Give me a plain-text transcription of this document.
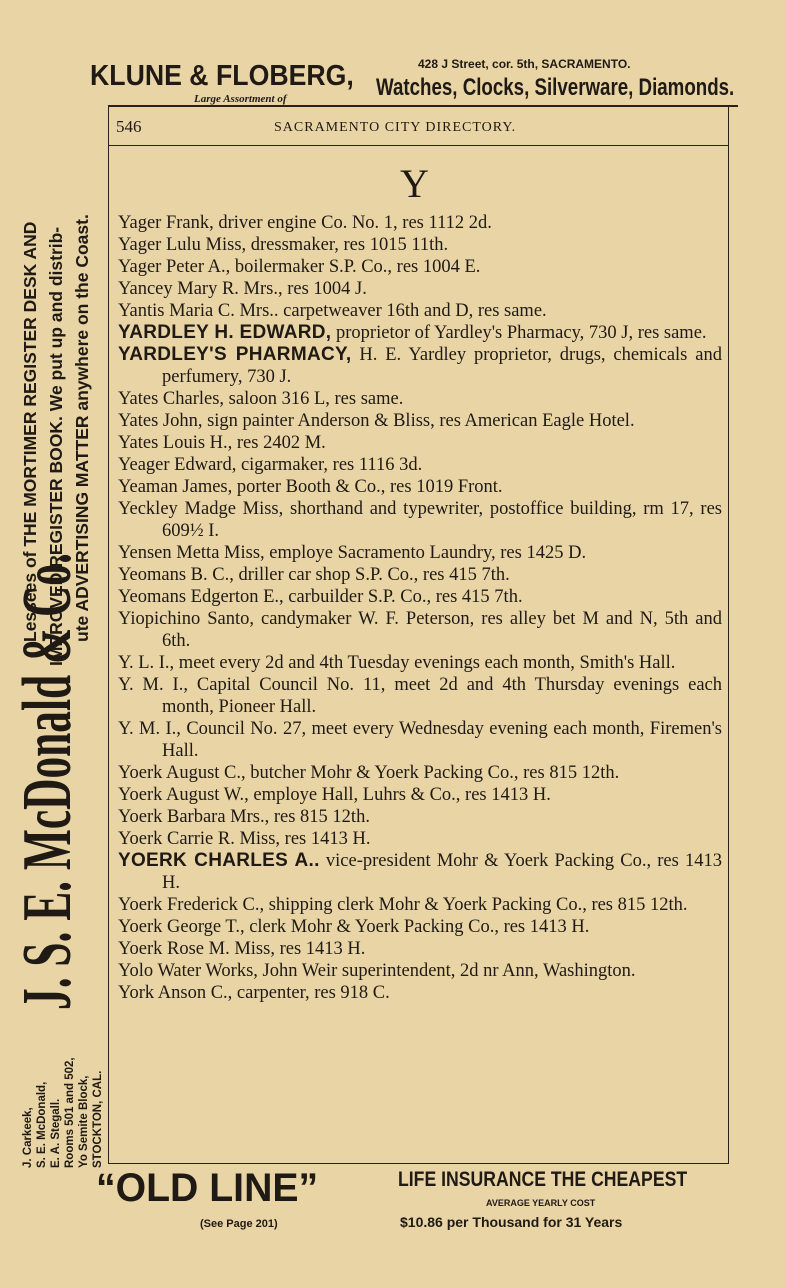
KLUNE & FLOBERG,
Large Assortment of
428 J Street, cor. 5th, SACRAMENTO.
Watches, Clocks, Silverware, Diamonds.
546	SACRAMENTO CITY DIRECTORY.
Y
Yager Frank, driver engine Co. No. 1, res 1112 2d.
Yager Lulu Miss, dressmaker, res 1015 11th.
Yager Peter A., boilermaker S.P. Co., res 1004 E.
Yancey Mary R. Mrs., res 1004 J.
Yantis Maria C. Mrs.. carpetweaver 16th and D, res same.
YARDLEY H. EDWARD, proprietor of Yardley's Pharmacy, 730 J, res same.
YARDLEY'S PHARMACY, H. E. Yardley proprietor, drugs, chemicals and perfumery, 730 J.
Yates Charles, saloon 316 L, res same.
Yates John, sign painter Anderson & Bliss, res American Eagle Hotel.
Yates Louis H., res 2402 M.
Yeager Edward, cigarmaker, res 1116 3d.
Yeaman James, porter Booth & Co., res 1019 Front.
Yeckley Madge Miss, shorthand and typewriter, postoffice building, rm 17, res 609½ I.
Yensen Metta Miss, employe Sacramento Laundry, res 1425 D.
Yeomans B. C., driller car shop S.P. Co., res 415 7th.
Yeomans Edgerton E., carbuilder S.P. Co., res 415 7th.
Yiopichino Santo, candymaker W. F. Peterson, res alley bet M and N, 5th and 6th.
Y. L. I., meet every 2d and 4th Tuesday evenings each month, Smith's Hall.
Y. M. I., Capital Council No. 11, meet 2d and 4th Thursday evenings each month, Pioneer Hall.
Y. M. I., Council No. 27, meet every Wednesday evening each month, Firemen's Hall.
Yoerk August C., butcher Mohr & Yoerk Packing Co., res 815 12th.
Yoerk August W., employe Hall, Luhrs & Co., res 1413 H.
Yoerk Barbara Mrs., res 815 12th.
Yoerk Carrie R. Miss, res 1413 H.
YOERK CHARLES A.. vice-president Mohr & Yoerk Packing Co., res 1413 H.
Yoerk Frederick C., shipping clerk Mohr & Yoerk Packing Co., res 815 12th.
Yoerk George T., clerk Mohr & Yoerk Packing Co., res 1413 H.
Yoerk Rose M. Miss, res 1413 H.
Yolo Water Works, John Weir superintendent, 2d nr Ann, Washington.
York Anson C., carpenter, res 918 C.
Lessees of THE MORTIMER REGISTER DESK AND IMPROVED REGISTER BOOK. We put up and distrib- ute ADVERTISING MATTER anywhere on the Coast.
J. S. E. McDonald & Co.
J. Carkeek, S. E. McDonald, E. A. Stegall. Rooms 501 and 502, Yo Semite Block, STOCKTON, CAL.
“OLD LINE”
(See Page 201)
LIFE INSURANCE THE CHEAPEST
AVERAGE YEARLY COST
$10.86 per Thousand for 31 Years
